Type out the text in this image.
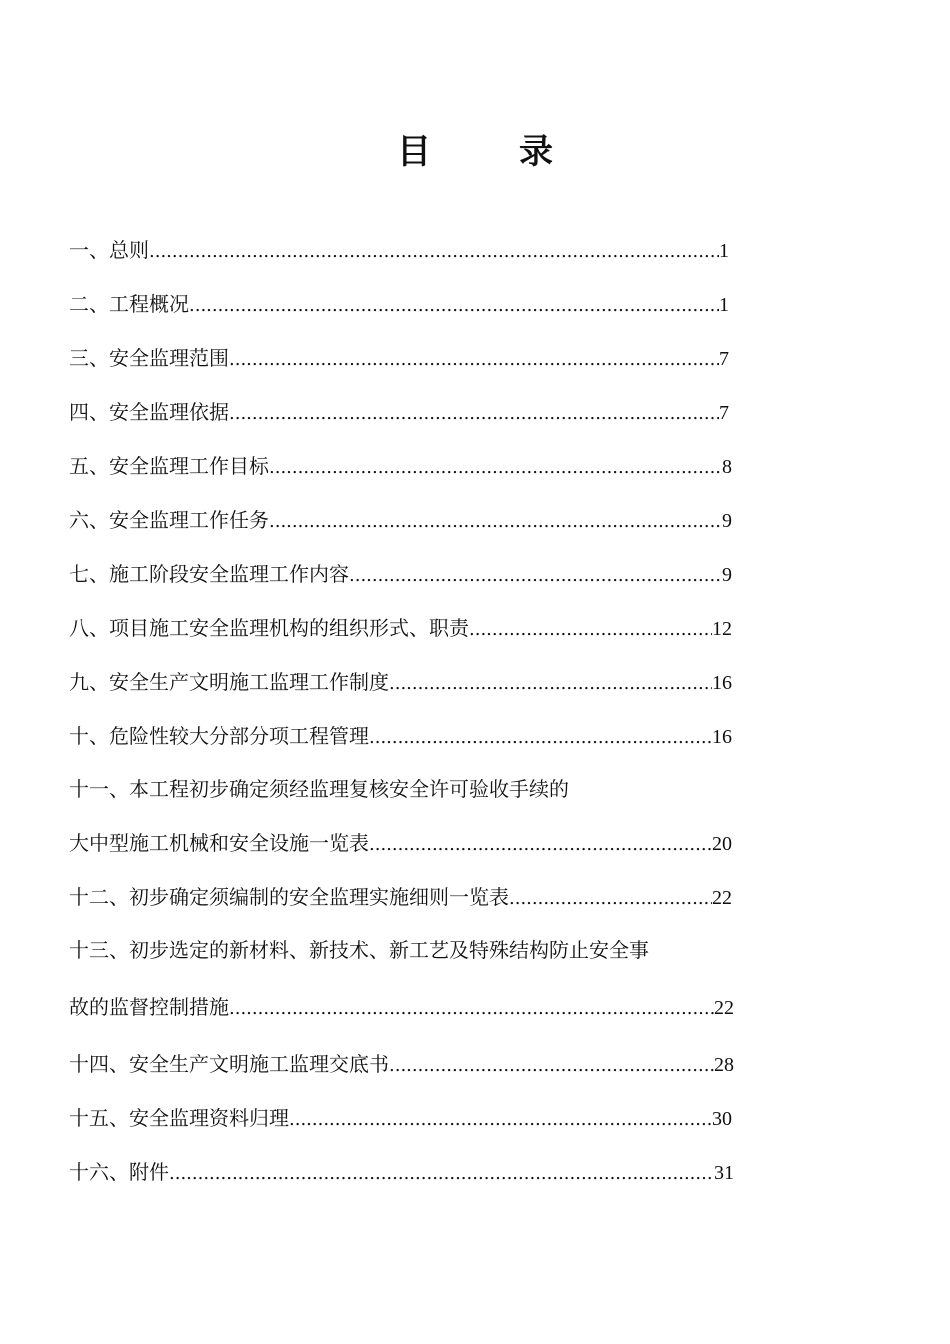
目	录
一、总则 .....	1
二、工程概况 .....	1
三、安全监理范围 .....	7
四、安全监理依据 .....	7
五、安全监理工作目标 .....	8
六、安全监理工作任务 .....	9
七、施工阶段安全监理工作内容 .....	9
八、项目施工安全监理机构的组织形式、职责 .....	12
九、安全生产文明施工监理工作制度 .....	16
十、危险性较大分部分项工程管理 .....	16
十一、本工程初步确定须经监理复核安全许可验收手续的
大中型施工机械和安全设施一览表 .....	20
十二、初步确定须编制的安全监理实施细则一览表 .....	22
十三、初步选定的新材料、新技术、新工艺及特殊结构防止安全事
故的监督控制措施 .....	22
十四、安全生产文明施工监理交底书 .....	28
十五、安全监理资料归理 .....	30
十六、附件 .....	31
